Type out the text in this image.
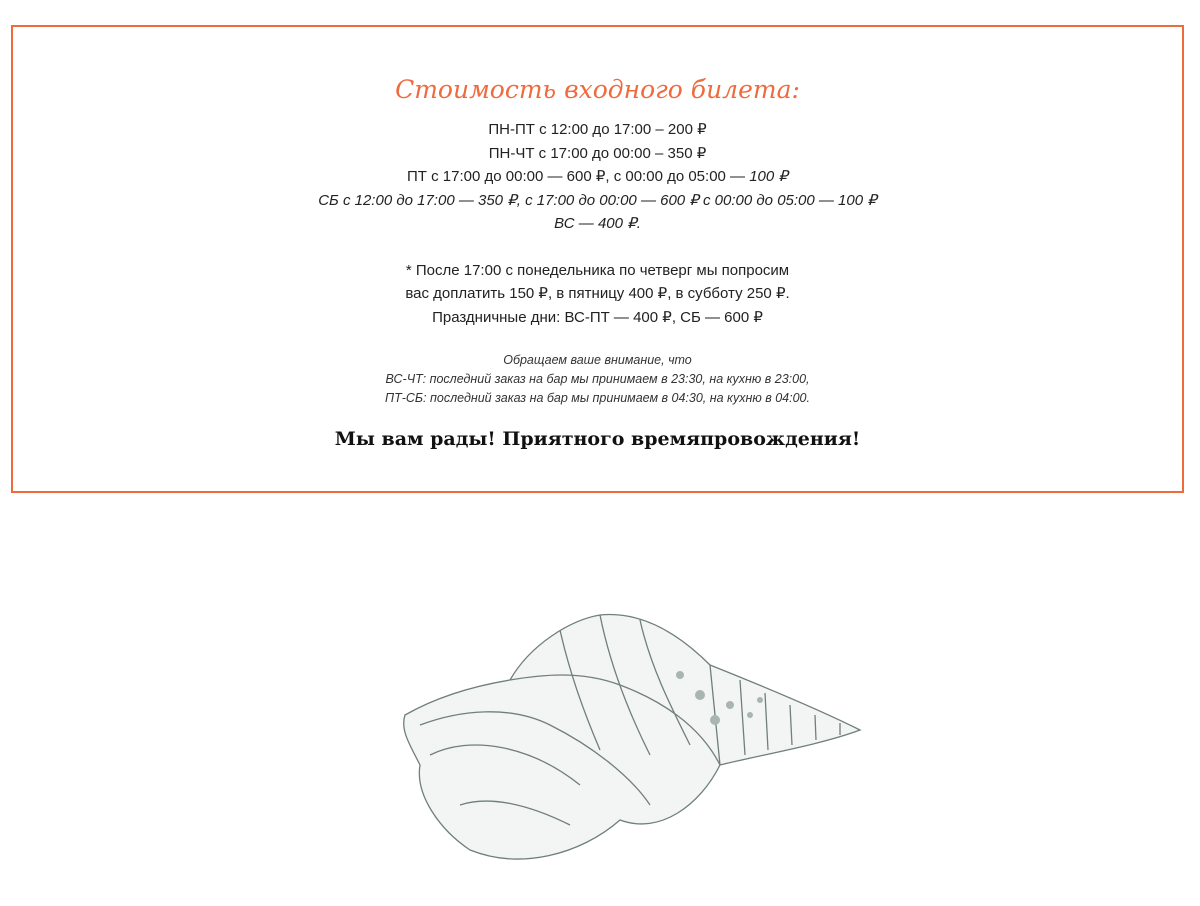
Стоимость входного билета:
ПН-ПТ с 12:00 до 17:00 – 200 ₽
ПН-ЧТ с 17:00 до 00:00 – 350 ₽
ПТ с 17:00 до 00:00 — 600 ₽, с 00:00 до 05:00 — 100 ₽
СБ с 12:00 до 17:00 — 350 ₽, с 17:00 до 00:00 — 600 ₽ с 00:00 до 05:00 — 100 ₽
ВС — 400 ₽.
* После 17:00 с понедельника по четверг мы попросим
вас доплатить 150 ₽, в пятницу 400 ₽, в субботу 250 ₽.
Праздничные дни: ВС-ПТ — 400 ₽, СБ — 600 ₽
Обращаем ваше внимание, что
ВС-ЧТ: последний заказ на бар мы принимаем в 23:30, на кухню в 23:00,
ПТ-СБ: последний заказ на бар мы принимаем в 04:30, на кухню в 04:00.
Мы вам рады! Приятного времяпровождения!
